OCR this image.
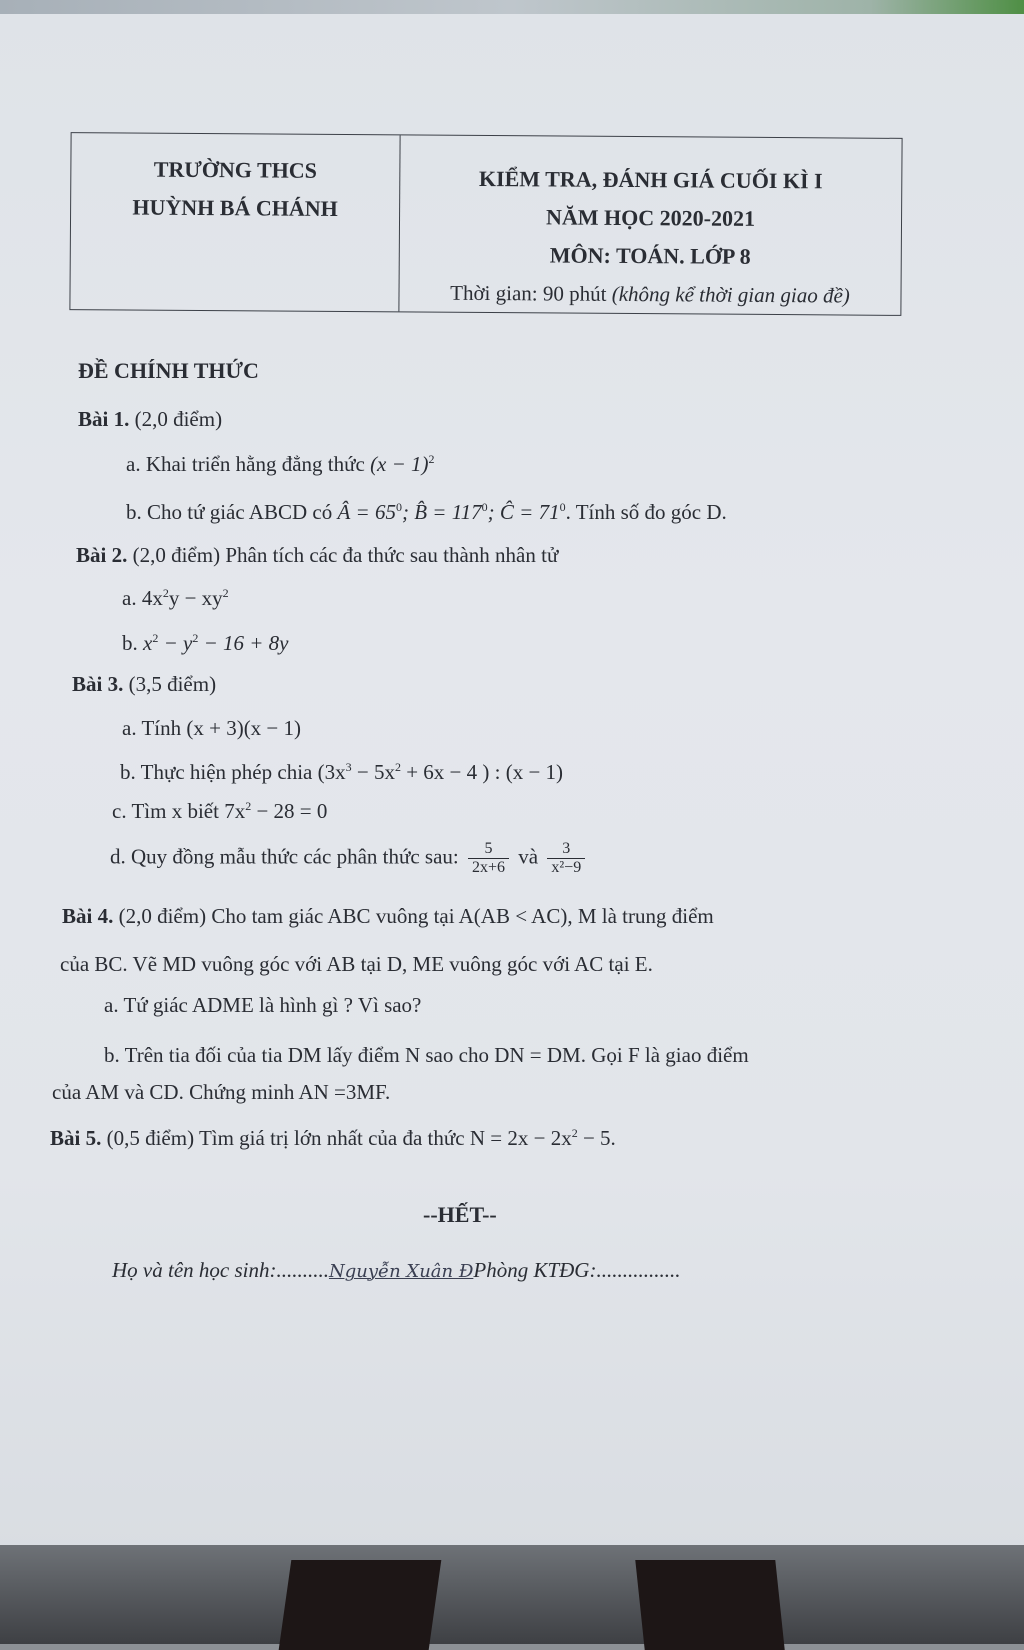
TRƯỜNG THCS
HUỲNH BÁ CHÁNH
KIỂM TRA, ĐÁNH GIÁ CUỐI KÌ I
NĂM HỌC 2020-2021
MÔN: TOÁN. LỚP 8
Thời gian: 90 phút (không kể thời gian giao đề)
ĐỀ CHÍNH THỨC
Bài 1. (2,0 điểm)
a. Khai triển hằng đẳng thức $(x - 1)^2$
b. Cho tứ giác ABCD có Â = $65^0$; B̂ = $117^0$; Ĉ = $71^0$. Tính số đo góc D.
Bài 2. (2,0 điểm) Phân tích các đa thức sau thành nhân tử
a. $4x^2y - xy^2$
b. $x^2 - y^2 - 16 + 8y$
Bài 3. (3,5 điểm)
a. Tính (x + 3)(x − 1)
b. Thực hiện phép chia ($3x^3 - 5x^2 + 6x - 4$ ) : (x − 1)
c. Tìm x biết $7x^2 - 28 = 0$
d. Quy đồng mẫu thức các phân thức sau: $\frac{5}{2x+6}$ và $\frac{3}{\text{x²−9}}$
Bài 4. (2,0 điểm) Cho tam giác ABC vuông tại A(AB < AC), M là trung điểm
của BC. Vẽ MD vuông góc với AB tại D, ME vuông góc với AC tại E.
a. Tứ giác ADME là hình gì ? Vì sao?
b. Trên tia đối của tia DM lấy điểm N sao cho DN = DM. Gọi F là giao điểm
của AM và CD. Chứng minh AN =3MF.
Bài 5. (0,5 điểm) Tìm giá trị lớn nhất của đa thức $N = 2x - 2x^2 - 5$.
--HẾT--
Họ và tên học sinh:..........Nguyễn Xuân ĐPhòng KTĐG:................
